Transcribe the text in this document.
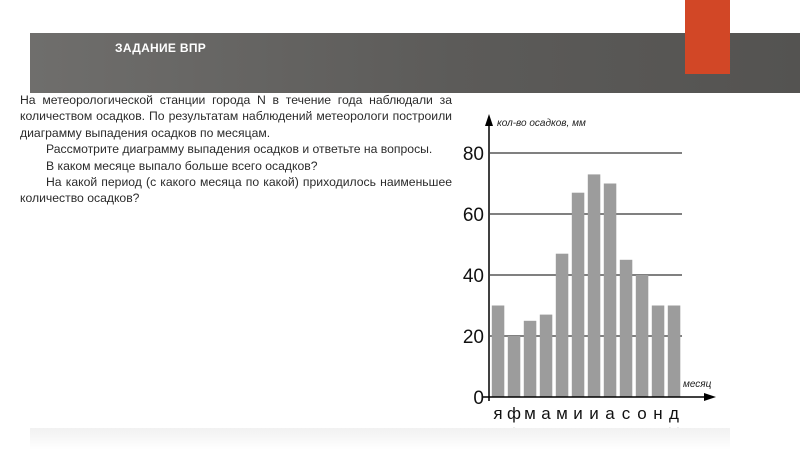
ЗАДАНИЕ ВПР

На метеорологической станции города N в течение года наблюдали за количеством осадков. По результатам наблюдений метеорологи построили диаграмму выпадения осадков по месяцам.

Рассмотрите диаграмму выпадения осадков и ответьте на вопросы.

В каком месяце выпало больше всего осадков?

На какой период (с какого месяца по какой) приходилось наименьшее количество осадков?

0
20
40
60
80
я ф м а м и и а с о н д
кол-во осадков, мм
месяц
